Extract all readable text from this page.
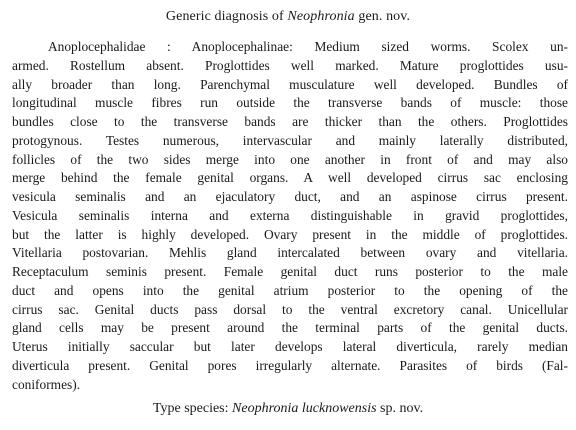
Generic diagnosis of Neophronia gen. nov.
Anoplocephalidae : Anoplocephalinae: Medium sized worms. Scolex un-
armed. Rostellum absent. Proglottides well marked. Mature proglottides usu-
ally broader than long. Parenchymal musculature well developed. Bundles of
longitudinal muscle fibres run outside the transverse bands of muscle: those
bundles close to the transverse bands are thicker than the others. Proglottides
protogynous. Testes numerous, intervascular and mainly laterally distributed,
follicles of the two sides merge into one another in front of and may also
merge behind the female genital organs. A well developed cirrus sac enclosing
vesicula seminalis and an ejaculatory duct, and an aspinose cirrus present.
Vesicula seminalis interna and externa distinguishable in gravid proglottides,
but the latter is highly developed. Ovary present in the middle of proglottides.
Vitellaria postovarian. Mehlis gland intercalated between ovary and vitellaria.
Receptaculum seminis present. Female genital duct runs posterior to the male
duct and opens into the genital atrium posterior to the opening of the
cirrus sac. Genital ducts pass dorsal to the ventral excretory canal. Unicellular
gland cells may be present around the terminal parts of the genital ducts.
Uterus initially saccular but later develops lateral diverticula, rarely median
diverticula present. Genital pores irregularly alternate. Parasites of birds (Fal-
coniformes).
Type species: Neophronia lucknowensis sp. nov.
